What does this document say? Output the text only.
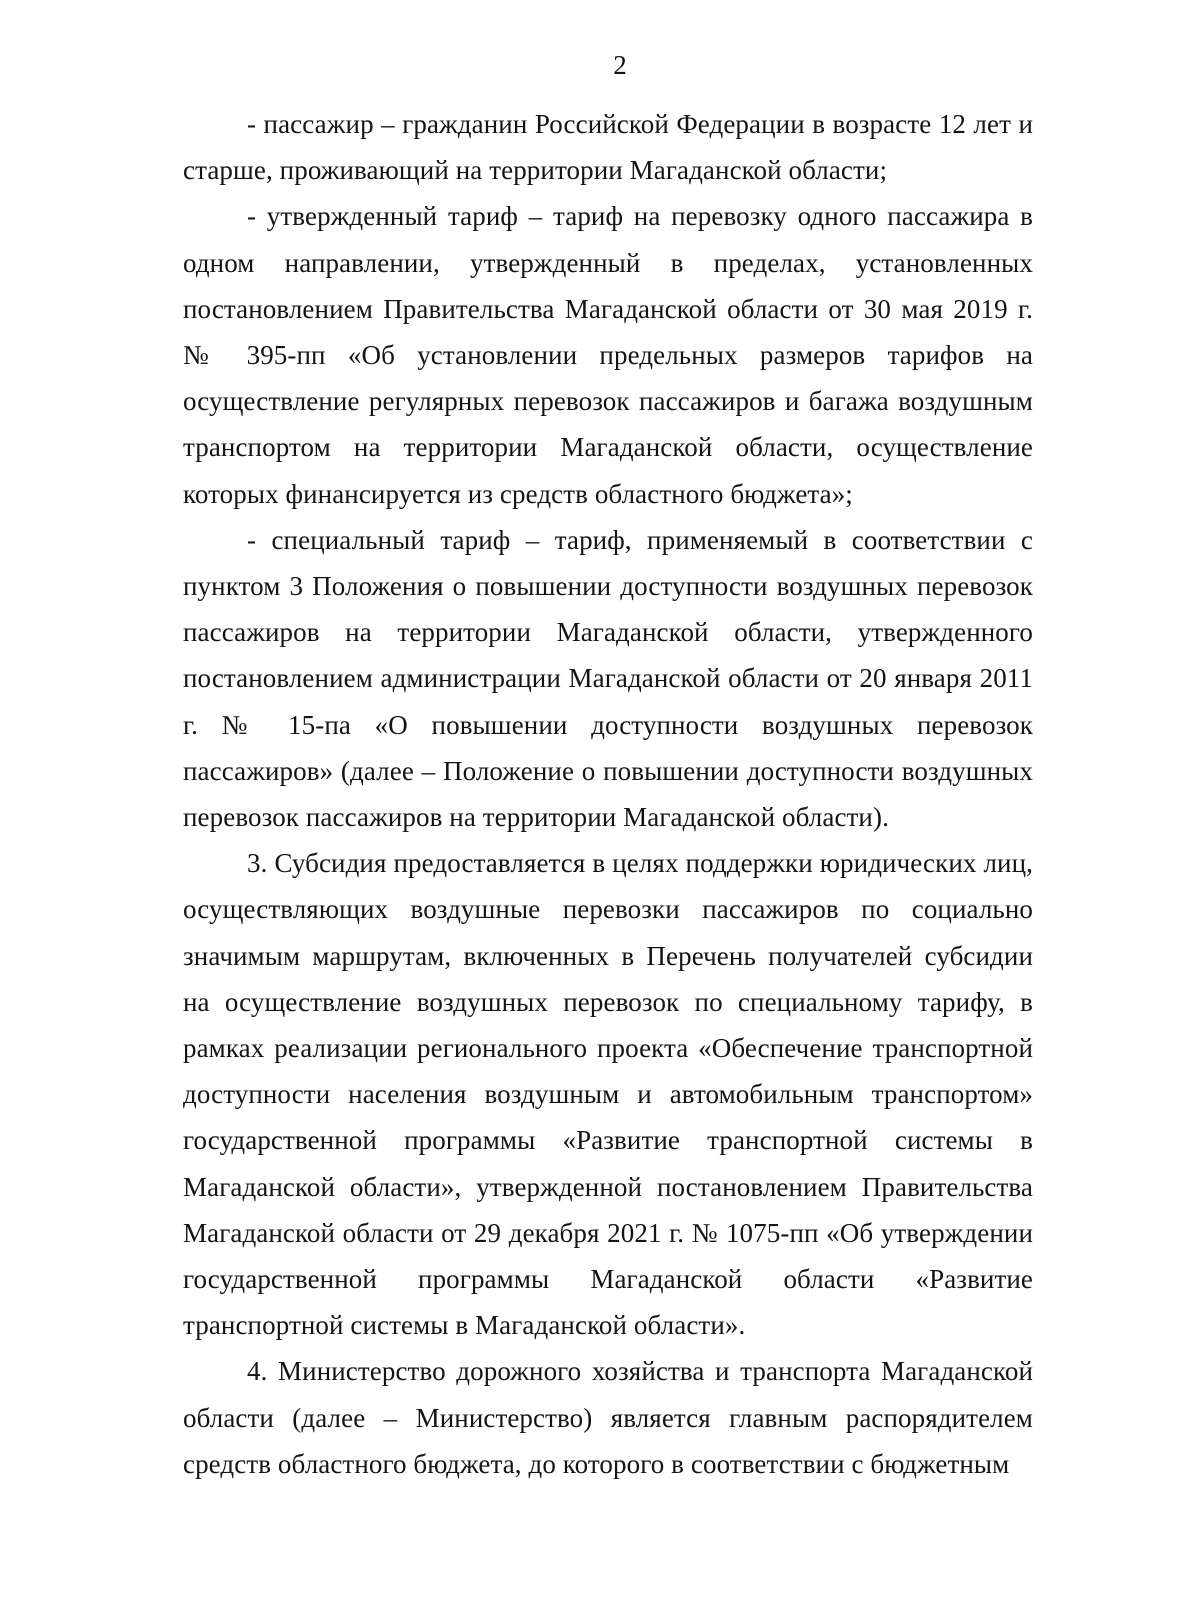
2

- пассажир – гражданин Российской Федерации в возрасте 12 лет и старше, проживающий на территории Магаданской области;

- утвержденный тариф – тариф на перевозку одного пассажира в одном направлении, утвержденный в пределах, установленных постановлением Правительства Магаданской области от 30 мая 2019 г. № 395-пп «Об установлении предельных размеров тарифов на осуществление регулярных перевозок пассажиров и багажа воздушным транспортом на территории Магаданской области, осуществление которых финансируется из средств областного бюджета»;

- специальный тариф – тариф, применяемый в соответствии с пунктом 3 Положения о повышении доступности воздушных перевозок пассажиров на территории Магаданской области, утвержденного постановлением администрации Магаданской области от 20 января 2011 г. № 15-па «О повышении доступности воздушных перевозок пассажиров» (далее – Положение о повышении доступности воздушных перевозок пассажиров на территории Магаданской области).

3. Субсидия предоставляется в целях поддержки юридических лиц, осуществляющих воздушные перевозки пассажиров по социально значимым маршрутам, включенных в Перечень получателей субсидии на осуществление воздушных перевозок по специальному тарифу, в рамках реализации регионального проекта «Обеспечение транспортной доступности населения воздушным и автомобильным транспортом» государственной программы «Развитие транспортной системы в Магаданской области», утвержденной постановлением Правительства Магаданской области от 29 декабря 2021 г. № 1075-пп «Об утверждении государственной программы Магаданской области «Развитие транспортной системы в Магаданской области».

4. Министерство дорожного хозяйства и транспорта Магаданской области (далее – Министерство) является главным распорядителем средств областного бюджета, до которого в соответствии с бюджетным
